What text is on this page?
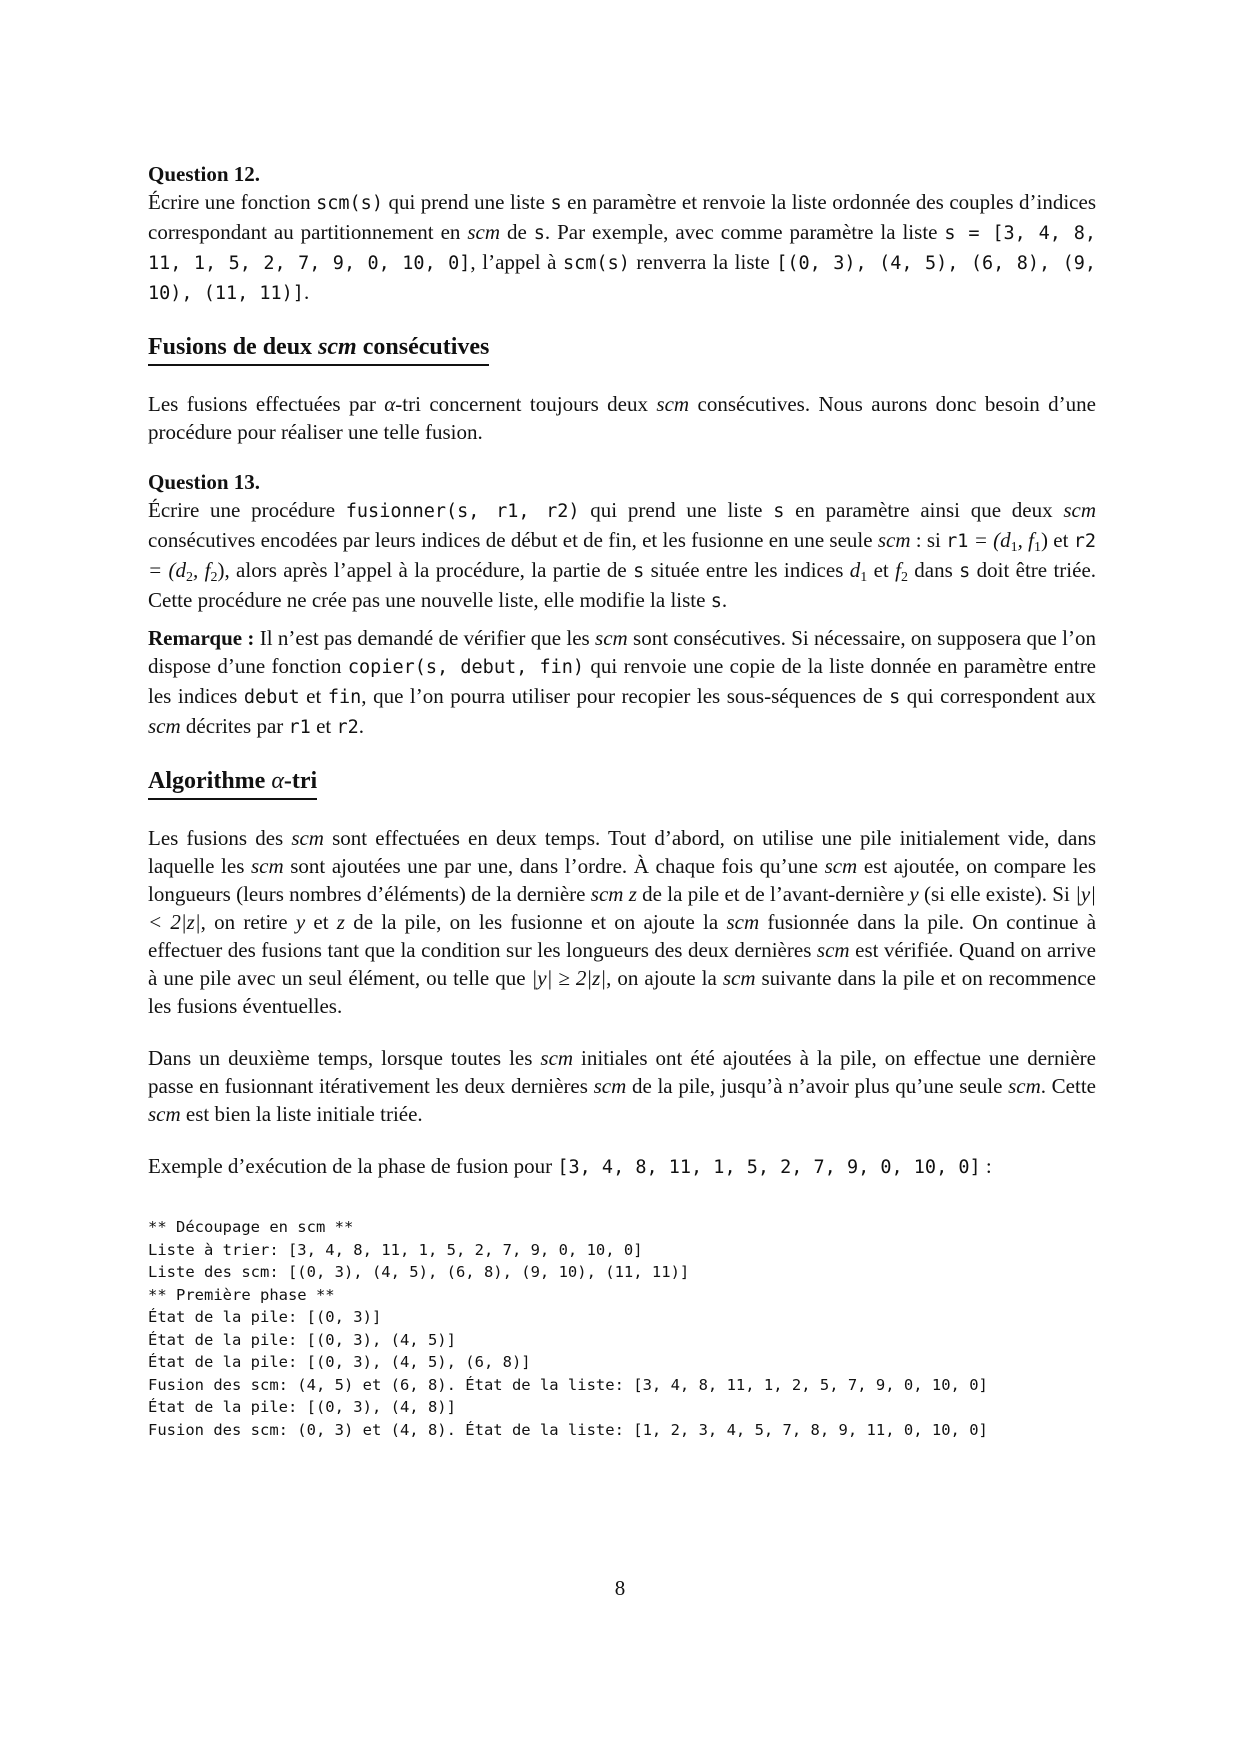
Question 12.

Écrire une fonction scm(s) qui prend une liste s en paramètre et renvoie la liste ordonnée des couples d’indices correspondant au partitionnement en scm de s. Par exemple, avec comme paramètre la liste s = [3, 4, 8, 11, 1, 5, 2, 7, 9, 0, 10, 0], l’appel à scm(s) renverra la liste [(0, 3), (4, 5), (6, 8), (9, 10), (11, 11)].

Fusions de deux scm consécutives

Les fusions effectuées par α-tri concernent toujours deux scm consécutives. Nous aurons donc besoin d’une procédure pour réaliser une telle fusion.

Question 13.

Écrire une procédure fusionner(s, r1, r2) qui prend une liste s en paramètre ainsi que deux scm consécutives encodées par leurs indices de début et de fin, et les fusionne en une seule scm : si $r1 = (d_1$, $f_1$) et $r2 = (d_2$, $f_2$), alors après l’appel à la procédure, la partie de s située entre les indices $d_1$ et $f_2$ dans s doit être triée. Cette procédure ne crée pas une nouvelle liste, elle modifie la liste s.

Remarque : Il n’est pas demandé de vérifier que les scm sont consécutives. Si nécessaire, on supposera que l’on dispose d’une fonction copier(s, debut, fin) qui renvoie une copie de la liste donnée en paramètre entre les indices debut et fin, que l’on pourra utiliser pour recopier les sous-séquences de s qui correspondent aux scm décrites par r1 et r2.

Algorithme α-tri

Les fusions des scm sont effectuées en deux temps. Tout d’abord, on utilise une pile initialement vide, dans laquelle les scm sont ajoutées une par une, dans l’ordre. À chaque fois qu’une scm est ajoutée, on compare les longueurs (leurs nombres d’éléments) de la dernière scm z de la pile et de l’avant-dernière y (si elle existe). Si |y| < 2|z|, on retire y et z de la pile, on les fusionne et on ajoute la scm fusionnée dans la pile. On continue à effectuer des fusions tant que la condition sur les longueurs des deux dernières scm est vérifiée. Quand on arrive à une pile avec un seul élément, ou telle que |y| ≥ 2|z|, on ajoute la scm suivante dans la pile et on recommence les fusions éventuelles.

Dans un deuxième temps, lorsque toutes les scm initiales ont été ajoutées à la pile, on effectue une dernière passe en fusionnant itérativement les deux dernières scm de la pile, jusqu’à n’avoir plus qu’une seule scm. Cette scm est bien la liste initiale triée.

Exemple d’exécution de la phase de fusion pour [3, 4, 8, 11, 1, 5, 2, 7, 9, 0, 10, 0] :

** Découpage en scm **
Liste à trier: [3, 4, 8, 11, 1, 5, 2, 7, 9, 0, 10, 0]
Liste des scm: [(0, 3), (4, 5), (6, 8), (9, 10), (11, 11)]
** Première phase **
État de la pile: [(0, 3)]
État de la pile: [(0, 3), (4, 5)]
État de la pile: [(0, 3), (4, 5), (6, 8)]
Fusion des scm: (4, 5) et (6, 8). État de la liste: [3, 4, 8, 11, 1, 2, 5, 7, 9, 0, 10, 0]
État de la pile: [(0, 3), (4, 8)]
Fusion des scm: (0, 3) et (4, 8). État de la liste: [1, 2, 3, 4, 5, 7, 8, 9, 11, 0, 10, 0]
8
